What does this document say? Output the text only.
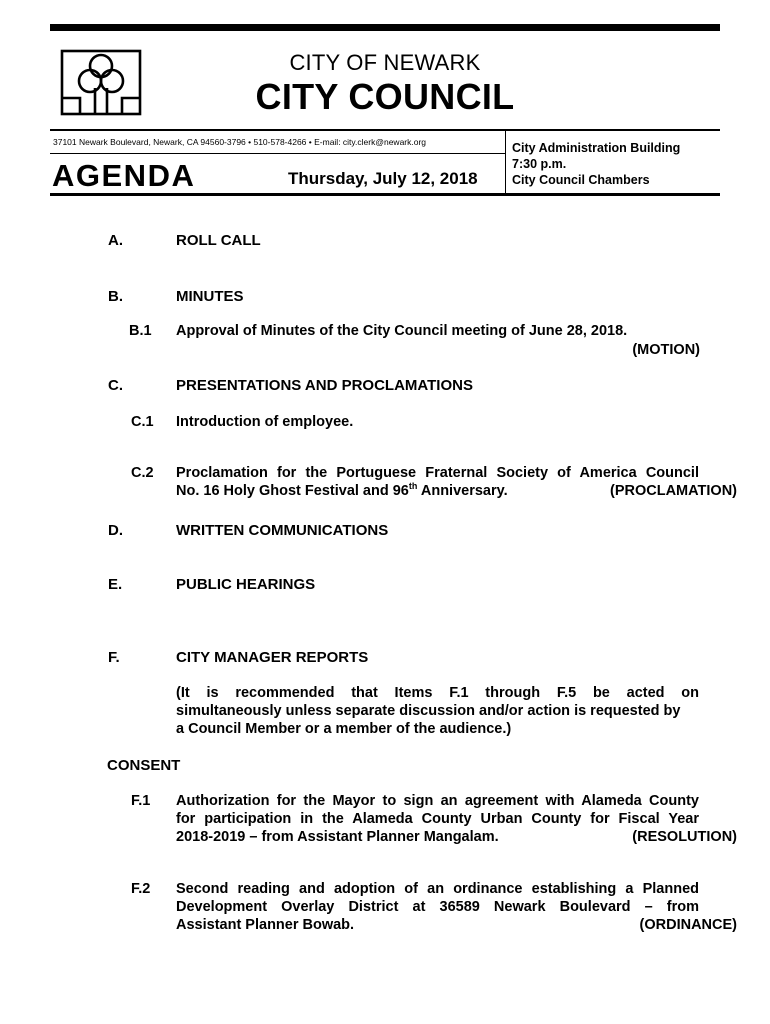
CITY OF NEWARK
CITY COUNCIL
37101 Newark Boulevard, Newark, CA 94560-3796 • 510-578-4266 • E-mail: city.clerk@newark.org
AGENDA	Thursday, July 12, 2018
City Administration Building
7:30 p.m.
City Council Chambers
A.	ROLL CALL
B.	MINUTES
B.1 Approval of Minutes of the City Council meeting of June 28, 2018.
(MOTION)
C.	PRESENTATIONS AND PROCLAMATIONS
C.1 Introduction of employee.
C.2 Proclamation for the Portuguese Fraternal Society of America Council
No. 16 Holy Ghost Festival and 96th Anniversary.	(PROCLAMATION)
D.	WRITTEN COMMUNICATIONS
E.	PUBLIC HEARINGS
F.	CITY MANAGER REPORTS
(It is recommended that Items F.1 through F.5 be acted on
simultaneously unless separate discussion and/or action is requested by
a Council Member or a member of the audience.)
CONSENT
F.1 Authorization for the Mayor to sign an agreement with Alameda County
for participation in the Alameda County Urban County for Fiscal Year
2018-2019 – from Assistant Planner Mangalam.	(RESOLUTION)
F.2 Second reading and adoption of an ordinance establishing a Planned
Development Overlay District at 36589 Newark Boulevard – from
Assistant Planner Bowab.	(ORDINANCE)
